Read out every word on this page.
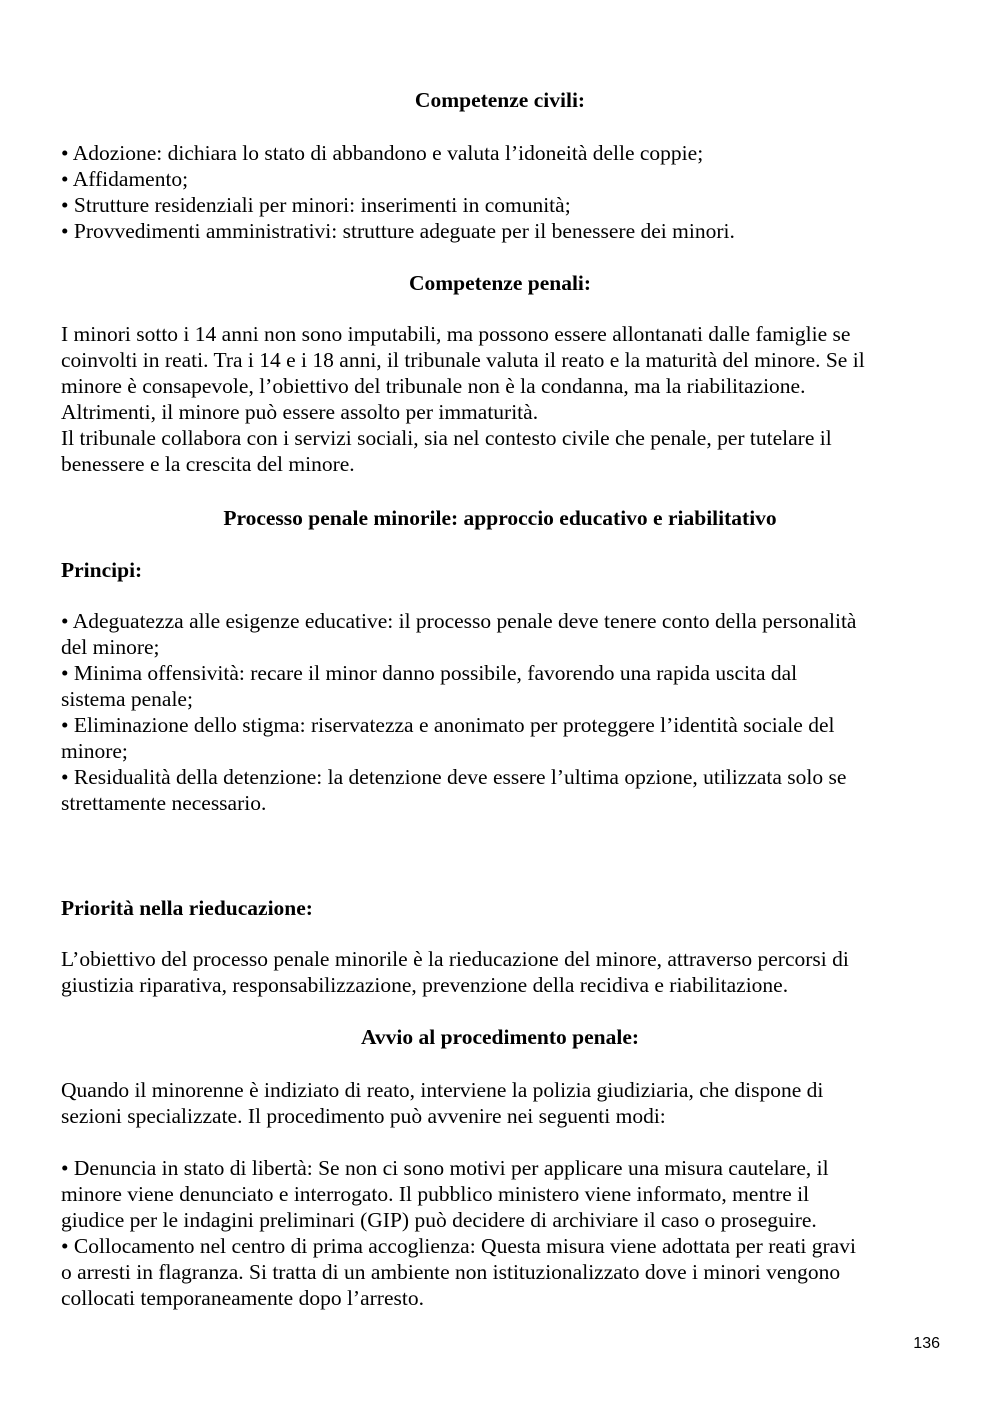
Competenze civili:
• Adozione: dichiara lo stato di abbandono e valuta l’idoneità delle coppie;
• Affidamento;
• Strutture residenziali per minori: inserimenti in comunità;
• Provvedimenti amministrativi: strutture adeguate per il benessere dei minori.
Competenze penali:
I minori sotto i 14 anni non sono imputabili, ma possono essere allontanati dalle famiglie se
coinvolti in reati. Tra i 14 e i 18 anni, il tribunale valuta il reato e la maturità del minore. Se il
minore è consapevole, l’obiettivo del tribunale non è la condanna, ma la riabilitazione.
Altrimenti, il minore può essere assolto per immaturità.
Il tribunale collabora con i servizi sociali, sia nel contesto civile che penale, per tutelare il
benessere e la crescita del minore.
Processo penale minorile: approccio educativo e riabilitativo
Principi:
• Adeguatezza alle esigenze educative: il processo penale deve tenere conto della personalità
del minore;
• Minima offensività: recare il minor danno possibile, favorendo una rapida uscita dal
sistema penale;
• Eliminazione dello stigma: riservatezza e anonimato per proteggere l’identità sociale del
minore;
• Residualità della detenzione: la detenzione deve essere l’ultima opzione, utilizzata solo se
strettamente necessario.
Priorità nella rieducazione:
L’obiettivo del processo penale minorile è la rieducazione del minore, attraverso percorsi di
giustizia riparativa, responsabilizzazione, prevenzione della recidiva e riabilitazione.
Avvio al procedimento penale:
Quando il minorenne è indiziato di reato, interviene la polizia giudiziaria, che dispone di
sezioni specializzate. Il procedimento può avvenire nei seguenti modi:
• Denuncia in stato di libertà: Se non ci sono motivi per applicare una misura cautelare, il
minore viene denunciato e interrogato. Il pubblico ministero viene informato, mentre il
giudice per le indagini preliminari (GIP) può decidere di archiviare il caso o proseguire.
• Collocamento nel centro di prima accoglienza: Questa misura viene adottata per reati gravi
o arresti in flagranza. Si tratta di un ambiente non istituzionalizzato dove i minori vengono
collocati temporaneamente dopo l’arresto.
136
